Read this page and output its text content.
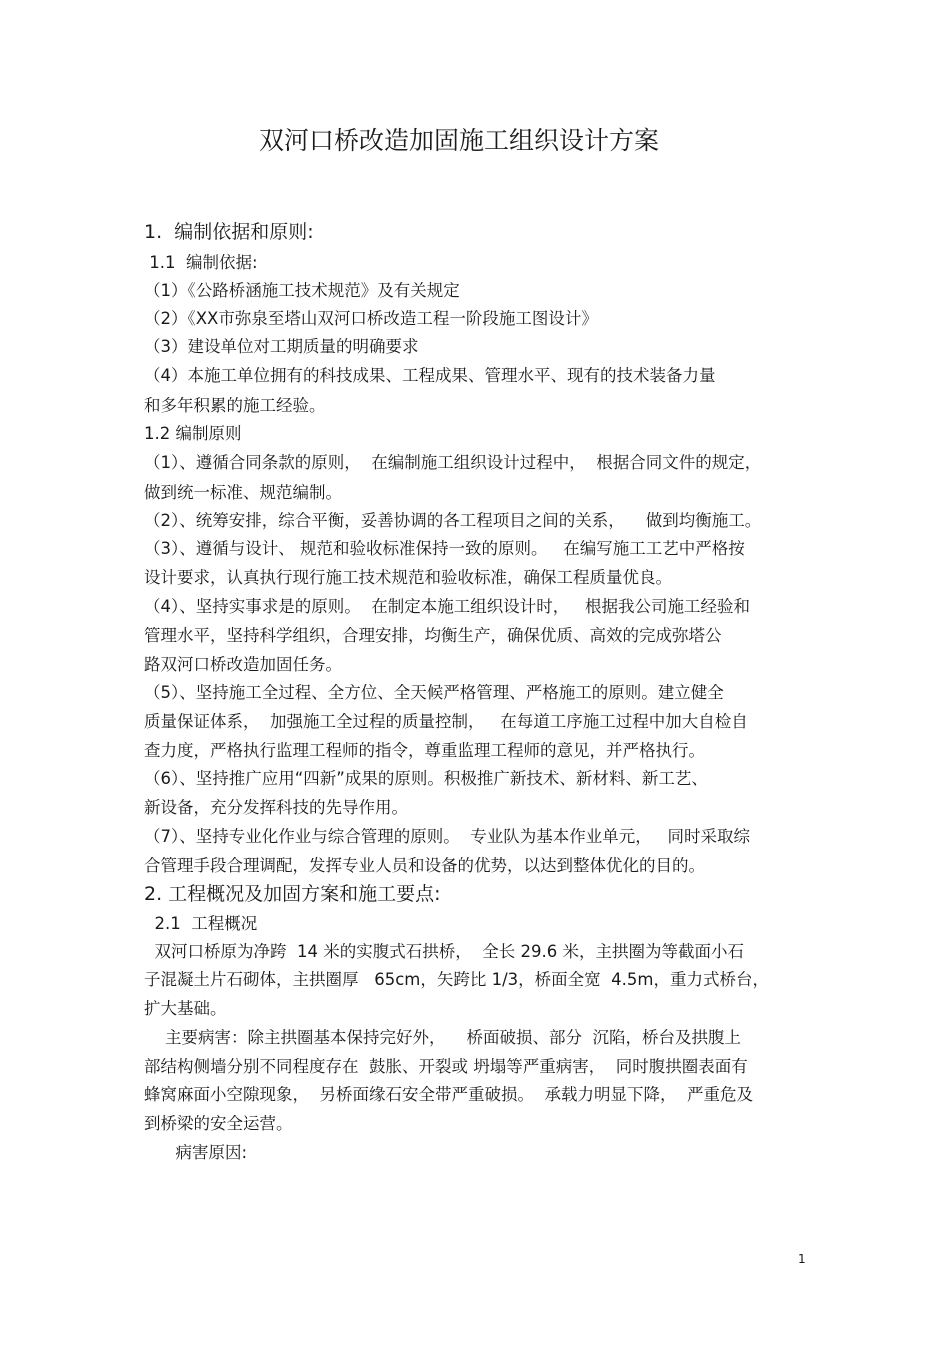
双河口桥改造加固施工组织设计方案
1.  编制依据和原则:
1.1  编制依据:
（1）《公路桥涵施工技术规范》及有关规定
（2）《XX市弥泉至塔山双河口桥改造工程一阶段施工图设计》
（3）建设单位对工期质量的明确要求
（4）本施工单位拥有的科技成果、工程成果、管理水平、现有的技术装备力量
和多年积累的施工经验。
1.2 编制原则
（1）、遵循合同条款的原则，  在编制施工组织设计过程中，  根据合同文件的规定，
做到统一标准、规范编制。
（2）、统筹安排，综合平衡，妥善协调的各工程项目之间的关系，    做到均衡施工。
（3）、遵循与设计、 规范和验收标准保持一致的原则。   在编写施工工艺中严格按
设计要求，认真执行现行施工技术规范和验收标准，确保工程质量优良。
（4）、坚持实事求是的原则。  在制定本施工组织设计时，   根据我公司施工经验和
管理水平，坚持科学组织，合理安排，均衡生产，确保优质、高效的完成弥塔公
路双河口桥改造加固任务。
（5）、坚持施工全过程、全方位、全天候严格管理、严格施工的原则。建立健全
质量保证体系，  加强施工全过程的质量控制，   在每道工序施工过程中加大自检自
查力度，严格执行监理工程师的指令，尊重监理工程师的意见，并严格执行。
（6）、坚持推广应用“四新”成果的原则。积极推广新技术、新材料、新工艺、
新设备，充分发挥科技的先导作用。
（7）、坚持专业化作业与综合管理的原则。  专业队为基本作业单元，   同时采取综
合管理手段合理调配，发挥专业人员和设备的优势，以达到整体优化的目的。
2. 工程概况及加固方案和施工要点:
2.1  工程概况
双河口桥原为净跨  14 米的实腹式石拱桥，  全长 29.6 米，主拱圈为等截面小石
子混凝土片石砌体，主拱圈厚   65cm，矢跨比 1/3，桥面全宽  4.5m，重力式桥台，
扩大基础。
主要病害：除主拱圈基本保持完好外，    桥面破损、部分  沉陷，桥台及拱腹上
部结构侧墙分别不同程度存在  鼓胀、开裂或 坍塌等严重病害，  同时腹拱圈表面有
蜂窝麻面小空隙现象，  另桥面缘石安全带严重破损。  承载力明显下降，  严重危及
到桥梁的安全运营。
病害原因:
1
